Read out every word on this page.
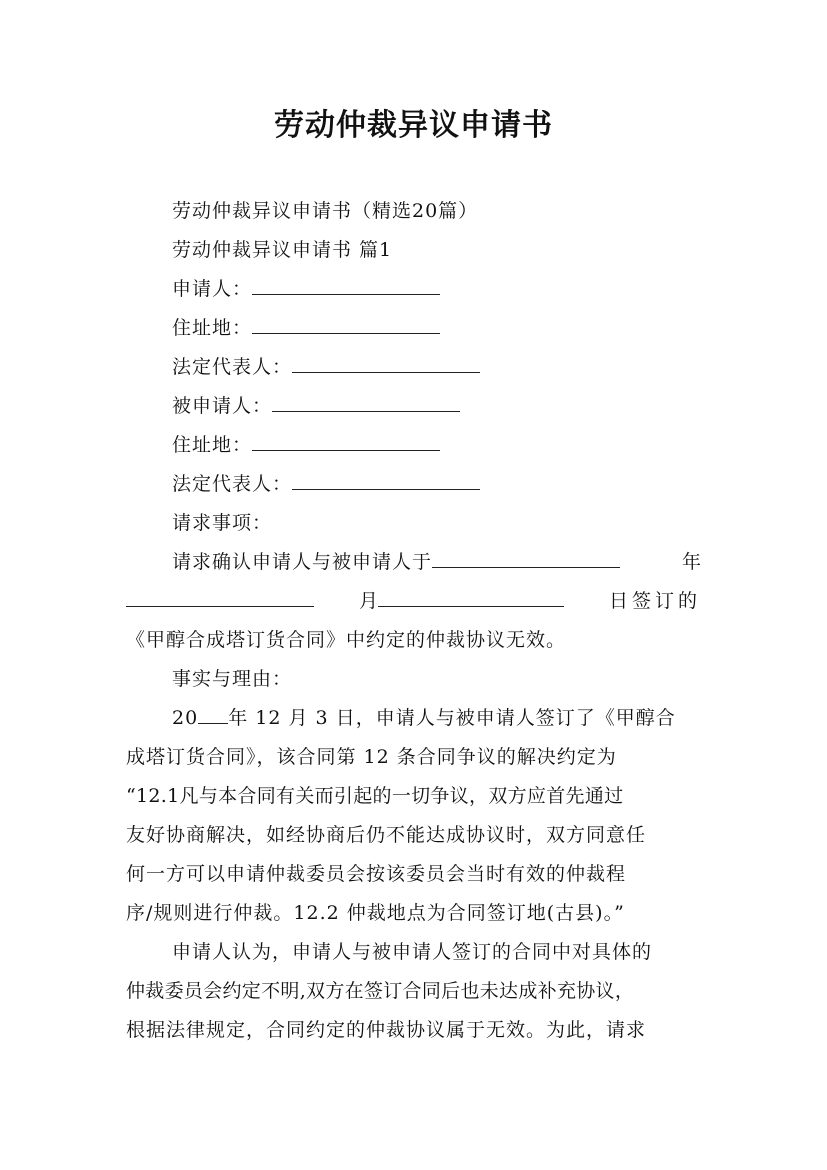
劳动仲裁异议申请书
劳动仲裁异议申请书（精选20篇）
劳动仲裁异议申请书 篇1
申请人：
住址地：
法定代表人：
被申请人：
住址地：
法定代表人：
请求事项：
请求确认申请人与被申请人于	年
月	日签订的
《甲醇合成塔订货合同》中约定的仲裁协议无效。
事实与理由：
20 年 12 月 3 日，申请人与被申请人签订了《甲醇合
成塔订货合同》，该合同第 12 条合同争议的解决约定为
“12.1凡与本合同有关而引起的一切争议，双方应首先通过
友好协商解决，如经协商后仍不能达成协议时，双方同意任
何一方可以申请仲裁委员会按该委员会当时有效的仲裁程
序/规则进行仲裁。12.2 仲裁地点为合同签订地(古县)。”
申请人认为，申请人与被申请人签订的合同中对具体的
仲裁委员会约定不明,双方在签订合同后也未达成补充协议，
根据法律规定，合同约定的仲裁协议属于无效。为此，请求
